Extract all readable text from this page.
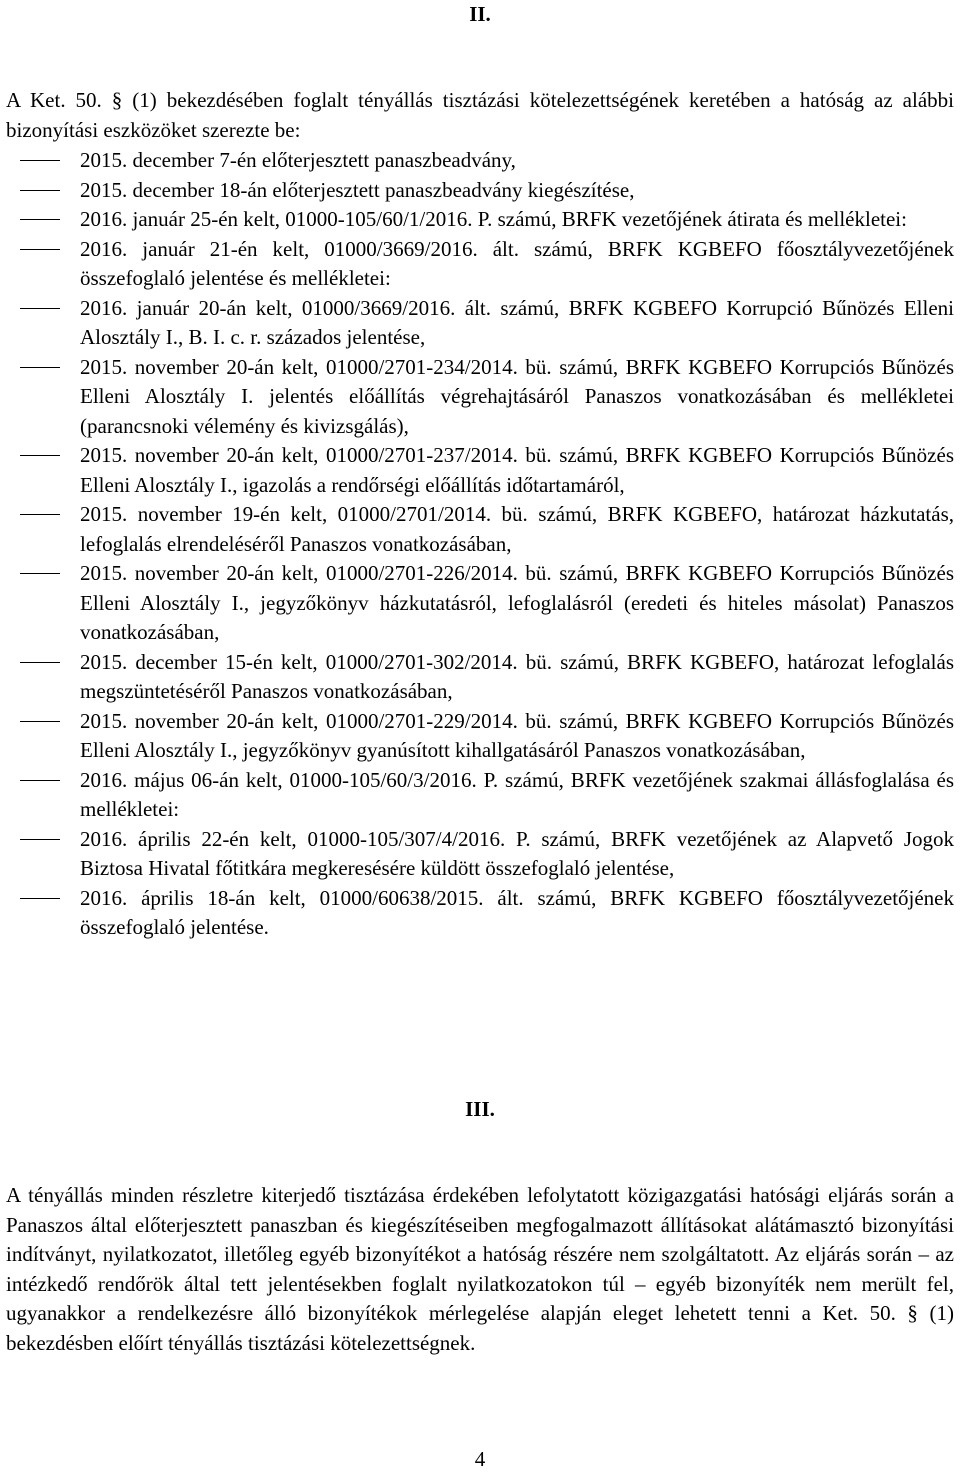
II.
A Ket. 50. § (1) bekezdésében foglalt tényállás tisztázási kötelezettségének keretében a hatóság az alábbi bizonyítási eszközöket szerezte be:
2015. december 7-én előterjesztett panaszbeadvány,
2015. december 18-án előterjesztett panaszbeadvány kiegészítése,
2016. január 25-én kelt, 01000-105/60/1/2016. P. számú, BRFK vezetőjének átirata és mellékletei:
2016. január 21-én kelt, 01000/3669/2016. ált. számú, BRFK KGBEFO főosztályvezetőjének összefoglaló jelentése és mellékletei:
2016. január 20-án kelt, 01000/3669/2016. ált. számú, BRFK KGBEFO Korrupció Bűnözés Elleni Alosztály I., B. I. c. r. százados jelentése,
2015. november 20-án kelt, 01000/2701-234/2014. bü. számú, BRFK KGBEFO Korrupciós Bűnözés Elleni Alosztály I. jelentés előállítás végrehajtásáról Panaszos vonatkozásában és mellékletei (parancsnoki vélemény és kivizsgálás),
2015. november 20-án kelt, 01000/2701-237/2014. bü. számú, BRFK KGBEFO Korrupciós Bűnözés Elleni Alosztály I., igazolás a rendőrségi előállítás időtartamáról,
2015. november 19-én kelt, 01000/2701/2014. bü. számú, BRFK KGBEFO, határozat házkutatás, lefoglalás elrendeléséről Panaszos vonatkozásában,
2015. november 20-án kelt, 01000/2701-226/2014. bü. számú, BRFK KGBEFO Korrupciós Bűnözés Elleni Alosztály I., jegyzőkönyv házkutatásról, lefoglalásról (eredeti és hiteles másolat) Panaszos vonatkozásában,
2015. december 15-én kelt, 01000/2701-302/2014. bü. számú, BRFK KGBEFO, határozat lefoglalás megszüntetéséről Panaszos vonatkozásában,
2015. november 20-án kelt, 01000/2701-229/2014. bü. számú, BRFK KGBEFO Korrupciós Bűnözés Elleni Alosztály I., jegyzőkönyv gyanúsított kihallgatásáról Panaszos vonatkozásában,
2016. május 06-án kelt, 01000-105/60/3/2016. P. számú, BRFK vezetőjének szakmai állásfoglalása és mellékletei:
2016. április 22-én kelt, 01000-105/307/4/2016. P. számú, BRFK vezetőjének az Alapvető Jogok Biztosa Hivatal főtitkára megkeresésére küldött összefoglaló jelentése,
2016. április 18-án kelt, 01000/60638/2015. ált. számú, BRFK KGBEFO főosztályvezetőjének összefoglaló jelentése.
III.
A tényállás minden részletre kiterjedő tisztázása érdekében lefolytatott közigazgatási hatósági eljárás során a Panaszos által előterjesztett panaszban és kiegészítéseiben megfogalmazott állításokat alátámasztó bizonyítási indítványt, nyilatkozatot, illetőleg egyéb bizonyítékot a hatóság részére nem szolgáltatott. Az eljárás során – az intézkedő rendőrök által tett jelentésekben foglalt nyilatkozatokon túl – egyéb bizonyíték nem merült fel, ugyanakkor a rendelkezésre álló bizonyítékok mérlegelése alapján eleget lehetett tenni a Ket. 50. § (1) bekezdésben előírt tényállás tisztázási kötelezettségnek.
4
